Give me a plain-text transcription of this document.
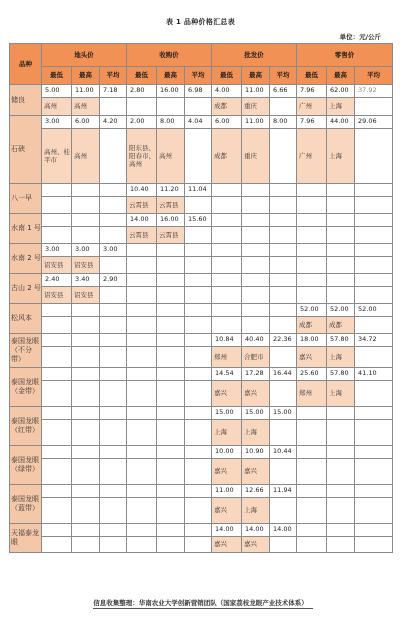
表 1 品种价格汇总表
单位：元/公斤
品种	地头价			收购价			批发价			零售价		
	最低	最高	平均	最低	最高	平均	最低	最高	平均	最低	最高	平均
储良	5.00	11.00	7.18	2.80	16.00	6.98	4.00	11.00	6.66	7.96	62.00	37.92
	高州	高州					成都	重庆		广州	上海	
石硖	3.00	6.00	4.20	2.00	8.00	4.04	6.00	11.00	8.00	7.96	44.00	29.06
	高州、桂平市	高州		阳东县、阳春市、高州	高州		成都	重庆		广州	上海	
八一早				10.40	11.20	11.04						
				云霄县	云霄县							
水南 1 号				14.00	16.00	15.60						
				云霄县	云霄县							
水南 2 号	3.00	3.00	3.00									
	诏安县	诏安县										
古山 2 号	2.40	3.40	2.90									
	诏安县	诏安县										
松风本										52.00	52.00	52.00
										成都	成都	
泰国龙眼（不分带）							10.84	40.40	22.36	18.00	57.80	34.72
							郑州	合肥市		嘉兴	上海	
泰国龙眼（金带）							14.54	17.28	16.44	25.60	57.80	41.10
							嘉兴	嘉兴		郑州	上海	
泰国龙眼（红带）							15.00	15.00	15.00			
							上海	上海				
泰国龙眼（绿带）							10.00	10.90	10.44			
							嘉兴	嘉兴				
泰国龙眼（蓝带）							11.00	12.66	11.94			
							嘉兴	上海				
天福泰龙眼							14.00	14.00	14.00			
							嘉兴	嘉兴				
信息收集整理：华南农业大学创新营销团队（国家荔枝龙眼产业技术体系）
